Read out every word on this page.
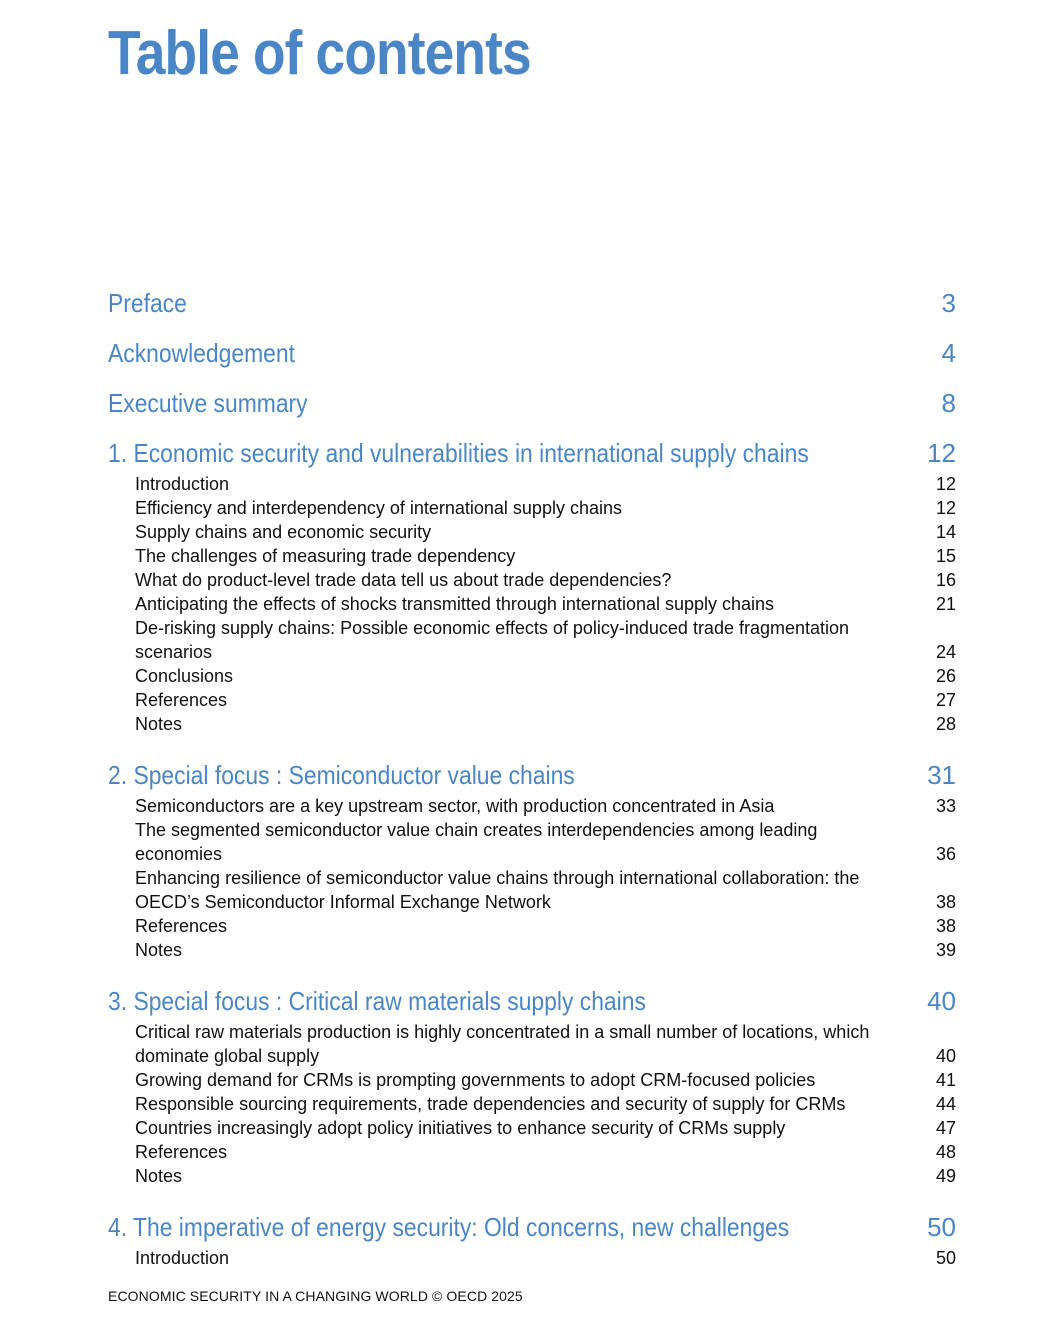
Table of contents
Preface	3
Acknowledgement	4
Executive summary	8
1. Economic security and vulnerabilities in international supply chains	12
Introduction	12
Efficiency and interdependency of international supply chains	12
Supply chains and economic security	14
The challenges of measuring trade dependency	15
What do product-level trade data tell us about trade dependencies?	16
Anticipating the effects of shocks transmitted through international supply chains	21
De-risking supply chains: Possible economic effects of policy-induced trade fragmentation scenarios	24
Conclusions	26
References	27
Notes	28
2. Special focus : Semiconductor value chains	31
Semiconductors are a key upstream sector, with production concentrated in Asia	33
The segmented semiconductor value chain creates interdependencies among leading economies	36
Enhancing resilience of semiconductor value chains through international collaboration: the OECD’s Semiconductor Informal Exchange Network	38
References	38
Notes	39
3. Special focus : Critical raw materials supply chains	40
Critical raw materials production is highly concentrated in a small number of locations, which dominate global supply	40
Growing demand for CRMs is prompting governments to adopt CRM-focused policies	41
Responsible sourcing requirements, trade dependencies and security of supply for CRMs	44
Countries increasingly adopt policy initiatives to enhance security of CRMs supply	47
References	48
Notes	49
4. The imperative of energy security: Old concerns, new challenges	50
Introduction	50
ECONOMIC SECURITY IN A CHANGING WORLD © OECD 2025
